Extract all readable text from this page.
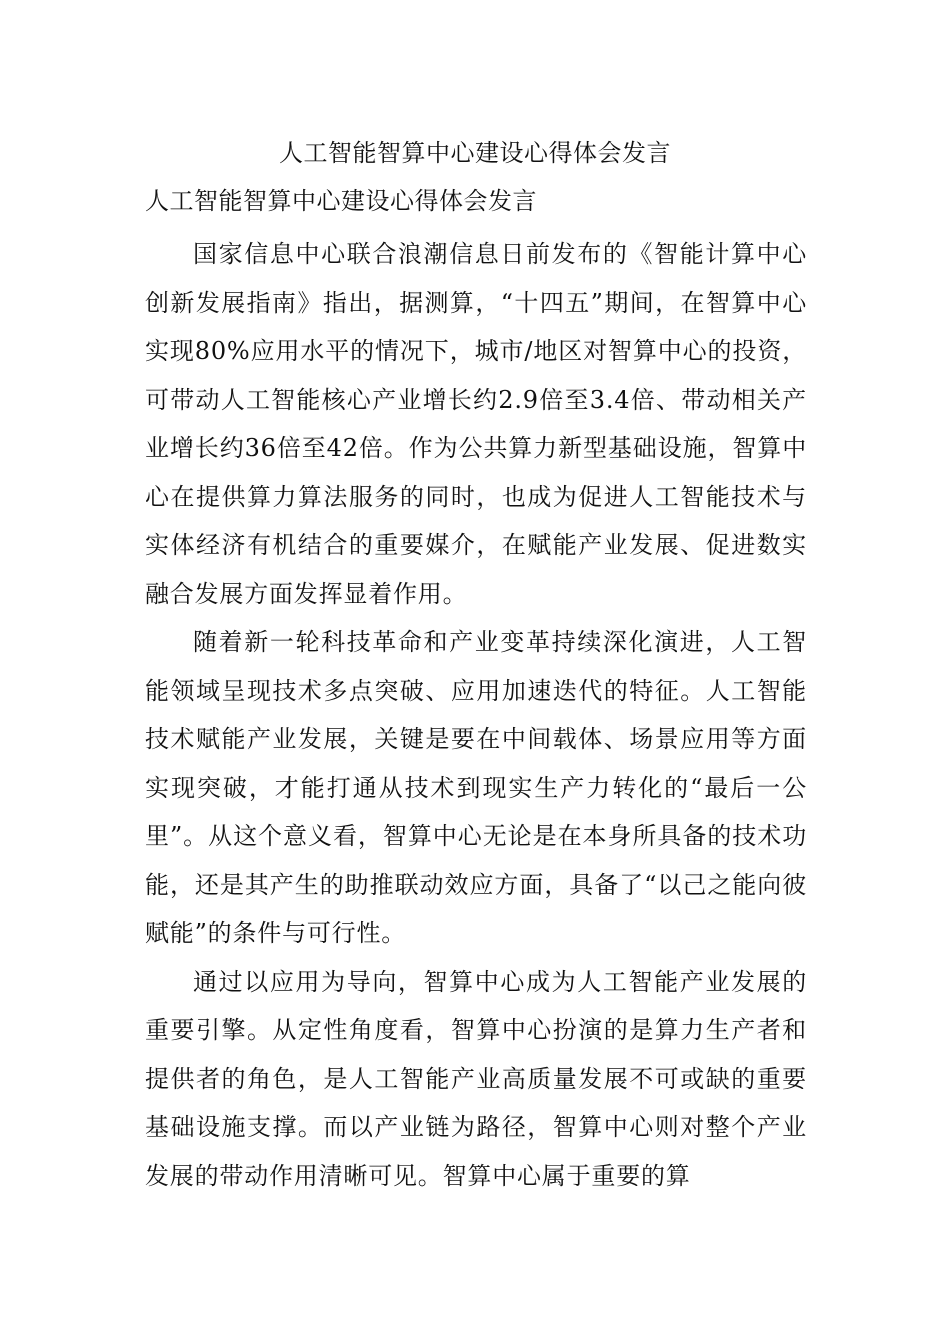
人工智能智算中心建设心得体会发言
人工智能智算中心建设心得体会发言

国家信息中心联合浪潮信息日前发布的《智能计算中心创新发展指南》指出，据测算，“十四五”期间，在智算中心实现80%应用水平的情况下，城市/地区对智算中心的投资，可带动人工智能核心产业增长约2.9倍至3.4倍、带动相关产业增长约36倍至42倍。作为公共算力新型基础设施，智算中心在提供算力算法服务的同时，也成为促进人工智能技术与实体经济有机结合的重要媒介，在赋能产业发展、促进数实融合发展方面发挥显着作用。

随着新一轮科技革命和产业变革持续深化演进，人工智能领域呈现技术多点突破、应用加速迭代的特征。人工智能技术赋能产业发展，关键是要在中间载体、场景应用等方面实现突破，才能打通从技术到现实生产力转化的“最后一公里”。从这个意义看，智算中心无论是在本身所具备的技术功能，还是其产生的助推联动效应方面，具备了“以己之能向彼赋能”的条件与可行性。

通过以应用为导向，智算中心成为人工智能产业发展的重要引擎。从定性角度看，智算中心扮演的是算力生产者和提供者的角色，是人工智能产业高质量发展不可或缺的重要基础设施支撑。而以产业链为路径，智算中心则对整个产业发展的带动作用清晰可见。智算中心属于重要的算
